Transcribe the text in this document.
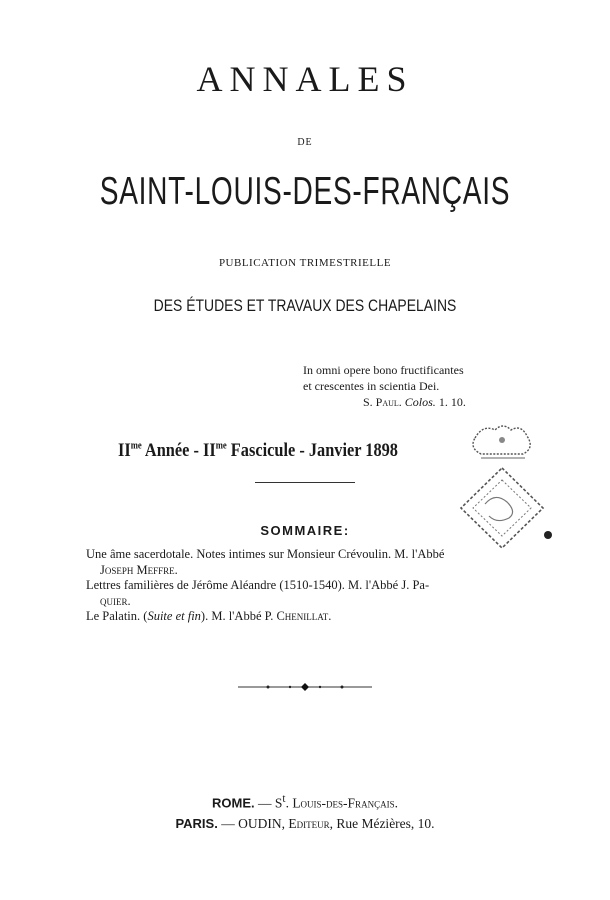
ANNALES
DE
SAINT-LOUIS-DES-FRANÇAIS
PUBLICATION TRIMESTRIELLE
DES ÉTUDES ET TRAVAUX DES CHAPELAINS
In omni opere bono fructificantes
et crescentes in scientia Dei.
S. Paul. Colos. 1. 10.
$II^{me}$ Année - $II^{me}$ Fascicule - Janvier 1898
SOMMAIRE:

Une âme sacerdotale. Notes intimes sur Monsieur Crévoulin. M. l'Abbé
Joseph Meffre.

Lettres familières de Jérôme Aléandre (1510-1540). M. l'Abbé J. Pa-
quier.

Le Palatin. (Suite et fin). M. l'Abbé P. Chenillat.

ROME. — $S^t$. Louis-des-Français.
PARIS. — OUDIN, Editeur, Rue Mézières, 10.
